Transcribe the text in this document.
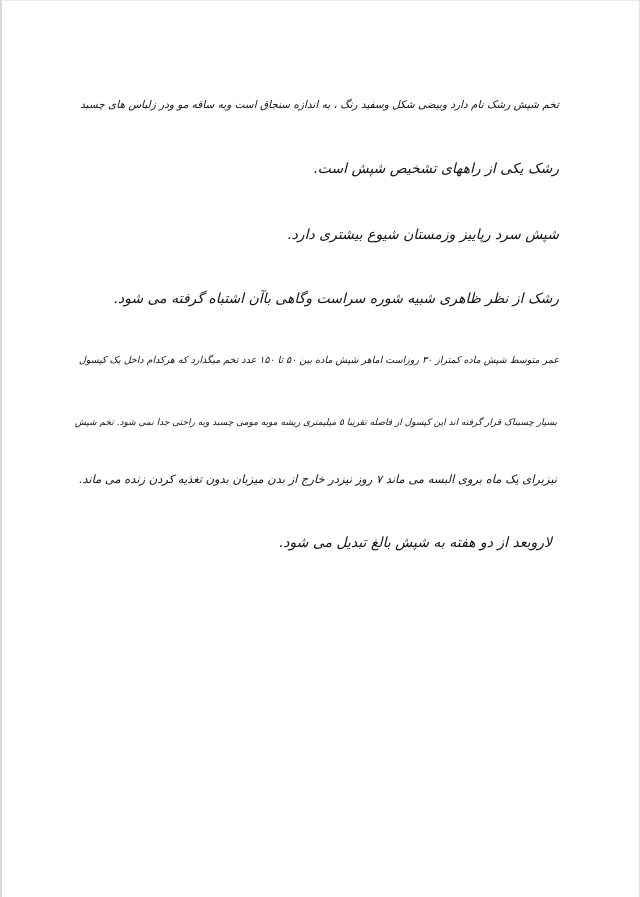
تخم شپش رشک نام دارد وبیضی شکل وسفید رنگ ، به اندازه سنجاق است وبه ساقه مو ودر زلباس های چسبد
رشک یکی از راههای تشخیص شپش است.
شپش سرد رپاییز وزمستان شیوع بیشتری دارد.
رشک از نظر ظاهری شبیه شوره سراست وگاهی باآن اشتباه گرفته می شود.
عمر متوسط شپش ماده کمتراز ۳۰ روزاست اماهر شپش ماده بین ۵۰ تا ۱۵۰ عدد تخم میگذارد که هرکدام داخل یک کپسول
بسیار چسبناک قرار گرفته اند این کپسول از فاصله تقریبا ۵ میلیمتری ریشه موبه مومی چسبد وبه راحتی جدا نمی شود. تخم شپش
نیزبرای یک ماه بروی البسه می ماند ۷ روز نیزدر خارج از بدن میزبان بدون تغذیه کردن زنده می ماند.
لاروبعد از دو هفته به شپش بالغ تبدیل می شود.
